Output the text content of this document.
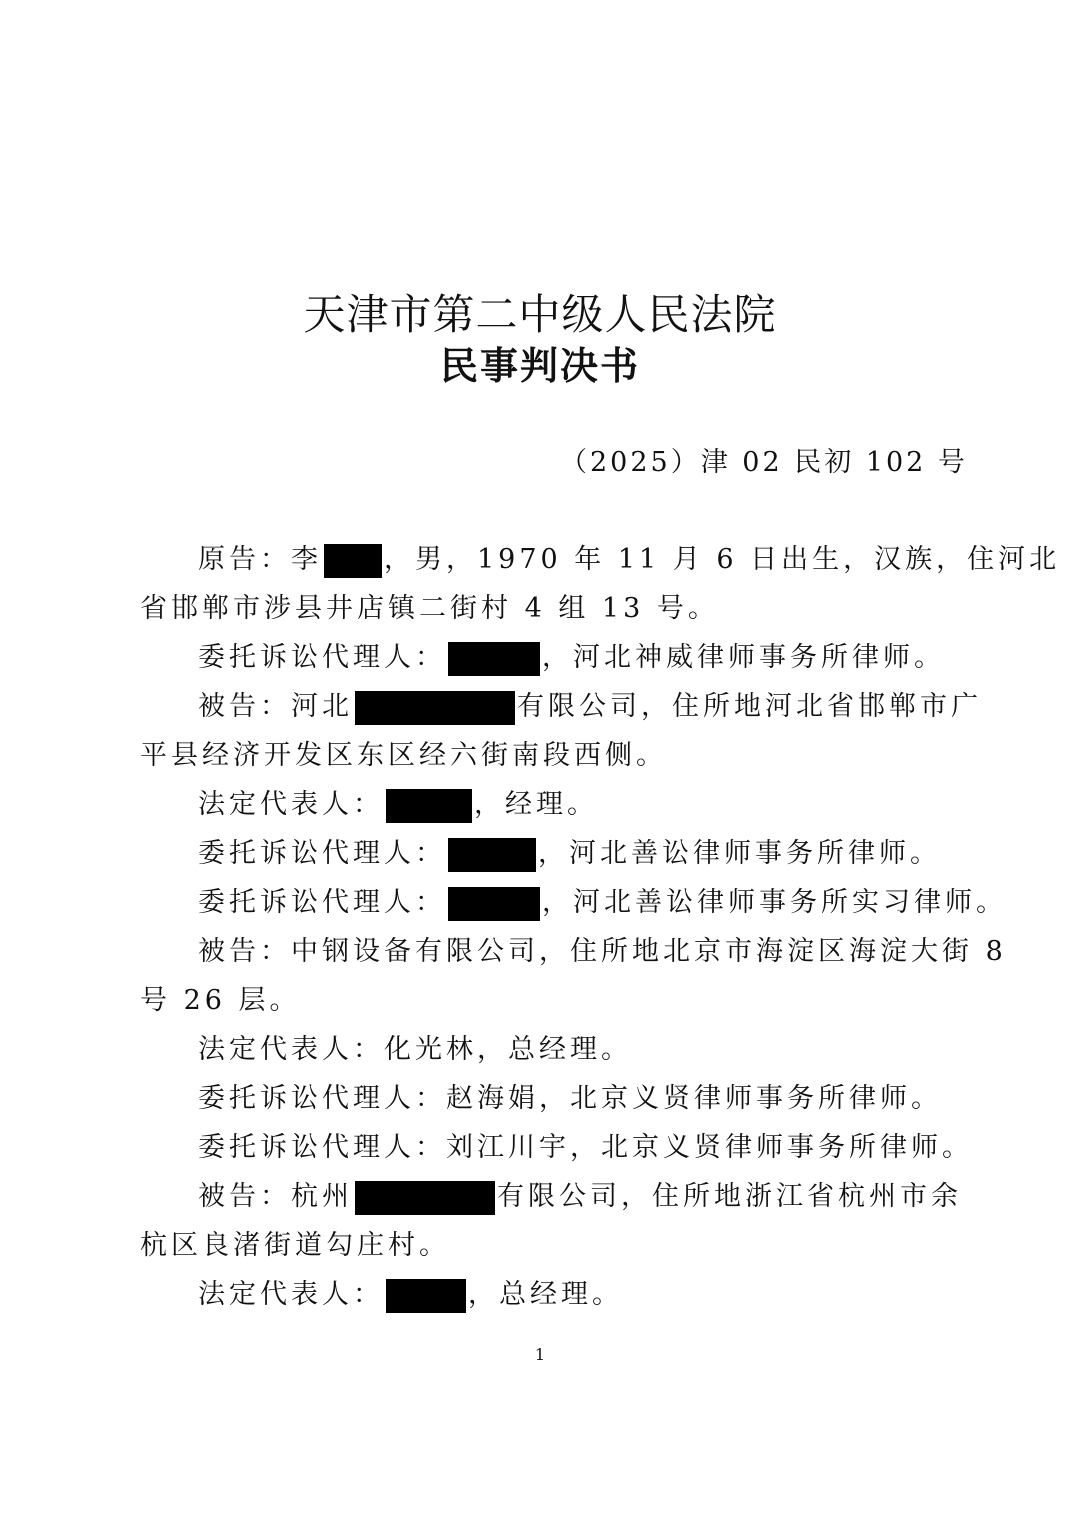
天津市第二中级人民法院
民事判决书
（2025）津 02 民初 102 号

原告：李 ，男，1970 年 11 月 6 日出生，汉族，住河北
省邯郸市涉县井店镇二街村 4 组 13 号。

委托诉讼代理人：	，河北神威律师事务所律师。

被告：河北	有限公司，住所地河北省邯郸市广
平县经济开发区东区经六街南段西侧。

法定代表人：	，经理。

委托诉讼代理人：	，河北善讼律师事务所律师。

委托诉讼代理人：	，河北善讼律师事务所实习律师。

被告：中钢设备有限公司，住所地北京市海淀区海淀大街 8
号 26 层。

法定代表人：化光林，总经理。

委托诉讼代理人：赵海娟，北京义贤律师事务所律师。

委托诉讼代理人：刘江川宇，北京义贤律师事务所律师。

被告：杭州	有限公司，住所地浙江省杭州市余
杭区良渚街道勾庄村。

法定代表人：	，总经理。

1
